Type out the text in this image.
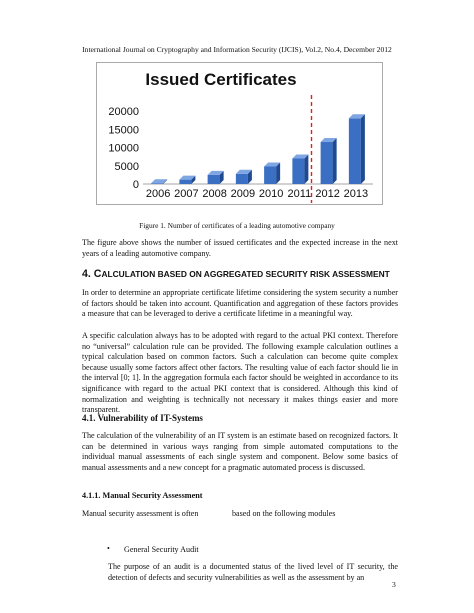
International Journal on Cryptography and Information Security (IJCIS), Vol.2, No.4, December 2012
Issued Certificates
0
5000
10000
15000
20000
2006 2007 2008 2009 2010 2011 2012 2013
Figure 1. Number of certificates of a leading automotive company

The figure above shows the number of issued certificates and the expected increase in the next years of a leading automotive company.

4. CALCULATION BASED ON AGGREGATED SECURITY RISK ASSESSMENT

In order to determine an appropriate certificate lifetime considering the system security a number of factors should be taken into account. Quantification and aggregation of these factors provides a measure that can be leveraged to derive a certificate lifetime in a meaningful way.

A specific calculation always has to be adopted with regard to the actual PKI context. Therefore no “universal” calculation rule can be provided. The following example calculation outlines a typical calculation based on common factors. Such a calculation can become quite complex because usually some factors affect other factors. The resulting value of each factor should lie in the interval [0; 1]. In the aggregation formula each factor should be weighted in accordance to its significance with regard to the actual PKI context that is considered. Although this kind of normalization and weighting is technically not necessary it makes things easier and more transparent.

4.1. Vulnerability of IT-Systems

The calculation of the vulnerability of an IT system is an estimate based on recognized factors. It can be determined in various ways ranging from simple automated computations to the individual manual assessments of each single system and component. Below some basics of manual assessments and a new concept for a pragmatic automated process is discussed.

4.1.1. Manual Security Assessment

Manual security assessment is often	based on the following modules

• General Security Audit

The purpose of an audit is a documented status of the lived level of IT security, the detection of defects and security vulnerabilities as well as the assessment by an

3
